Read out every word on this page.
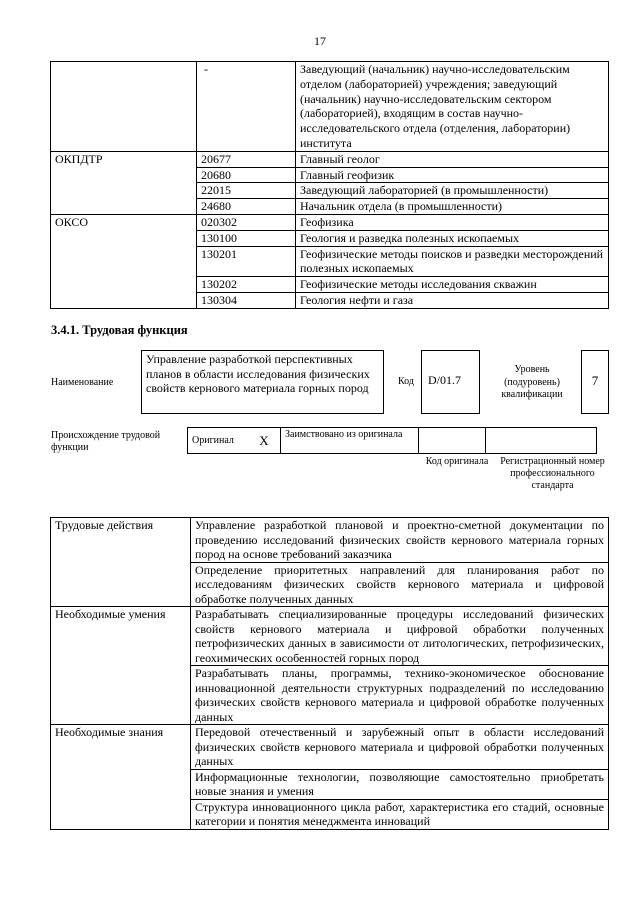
17
	-	Заведующий (начальник) научно-исследовательским отделом (лабораторией) учреждения; заведующий (начальник) научно-исследовательским сектором (лабораторией), входящим в состав научно-исследовательского отдела (отделения, лаборатории) института
ОКПДТР	20677	Главный геолог
	20680	Главный геофизик
	22015	Заведующий лабораторией (в промышленности)
	24680	Начальник отдела (в промышленности)
ОКСО	020302	Геофизика
	130100	Геология и разведка полезных ископаемых
	130201	Геофизические методы поисков и разведки месторождений полезных ископаемых
	130202	Геофизические методы исследования скважин
	130304	Геология нефти и газа
3.4.1. Трудовая функция
Наименование
Управление разработкой перспективных планов в области исследования физических свойств кернового материала горных пород	Код	D/01.7
Уровень (подуровень) квалификации
7
Происхождение трудовой функции
Оригинал	X	Заимствовано из оригинала		
Код оригинала	Регистрационный номер профессионального стандарта
Трудовые действия	Управление разработкой плановой и проектно-сметной документации по проведению исследований физических свойств кернового материала горных пород на основе требований заказчика
	Определение приоритетных направлений для планирования работ по исследованиям физических свойств кернового материала и цифровой обработке полученных данных
Необходимые умения	Разрабатывать специализированные процедуры исследований физических свойств кернового материала и цифровой обработки полученных петрофизических данных в зависимости от литологических, петрофизических, геохимических особенностей горных пород
	Разрабатывать планы, программы, технико-экономическое обоснование инновационной деятельности структурных подразделений по исследованию физических свойств кернового материала и цифровой обработке полученных данных
Необходимые знания	Передовой отечественный и зарубежный опыт в области исследований физических свойств кернового материала и цифровой обработки полученных данных
	Информационные технологии, позволяющие самостоятельно приобретать новые знания и умения
	Структура инновационного цикла работ, характеристика его стадий, основные категории и понятия менеджмента инноваций
